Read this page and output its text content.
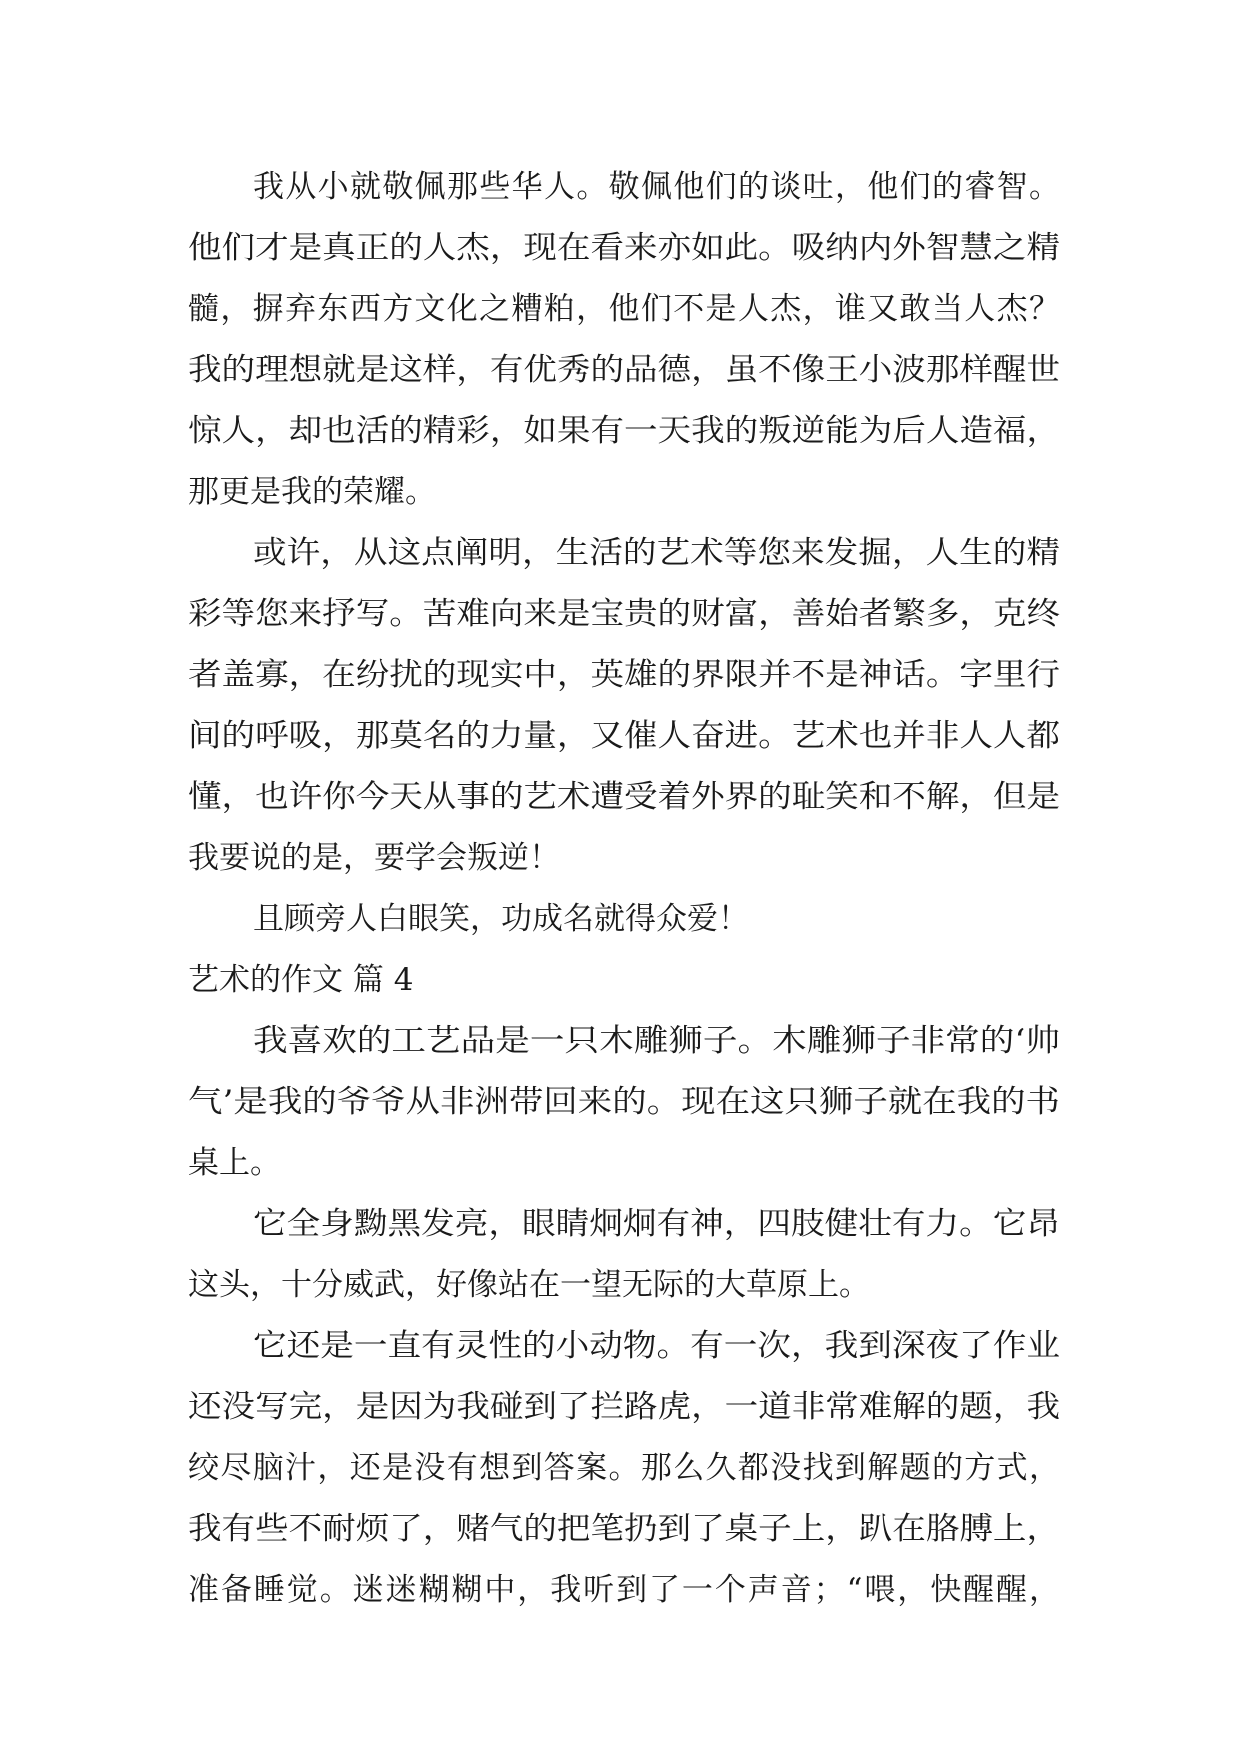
我从小就敬佩那些华人。敬佩他们的谈吐，他们的睿智。
他们才是真正的人杰，现在看来亦如此。吸纳内外智慧之精
髓，摒弃东西方文化之糟粕，他们不是人杰，谁又敢当人杰？
我的理想就是这样，有优秀的品德，虽不像王小波那样醒世
惊人，却也活的精彩，如果有一天我的叛逆能为后人造福，
那更是我的荣耀。
或许，从这点阐明，生活的艺术等您来发掘，人生的精
彩等您来抒写。苦难向来是宝贵的财富，善始者繁多，克终
者盖寡，在纷扰的现实中，英雄的界限并不是神话。字里行
间的呼吸，那莫名的力量，又催人奋进。艺术也并非人人都
懂，也许你今天从事的艺术遭受着外界的耻笑和不解，但是
我要说的是，要学会叛逆！
且顾旁人白眼笑，功成名就得众爱！
艺术的作文 篇 4
我喜欢的工艺品是一只木雕狮子。木雕狮子非常的‘帅
气’是我的爷爷从非洲带回来的。现在这只狮子就在我的书
桌上。
它全身黝黑发亮，眼睛炯炯有神，四肢健壮有力。它昂
这头，十分威武，好像站在一望无际的大草原上。
它还是一直有灵性的小动物。有一次，我到深夜了作业
还没写完，是因为我碰到了拦路虎，一道非常难解的题，我
绞尽脑汁，还是没有想到答案。那么久都没找到解题的方式，
我有些不耐烦了，赌气的把笔扔到了桌子上，趴在胳膊上，
准备睡觉。迷迷糊糊中，我听到了一个声音；“喂，快醒醒，
